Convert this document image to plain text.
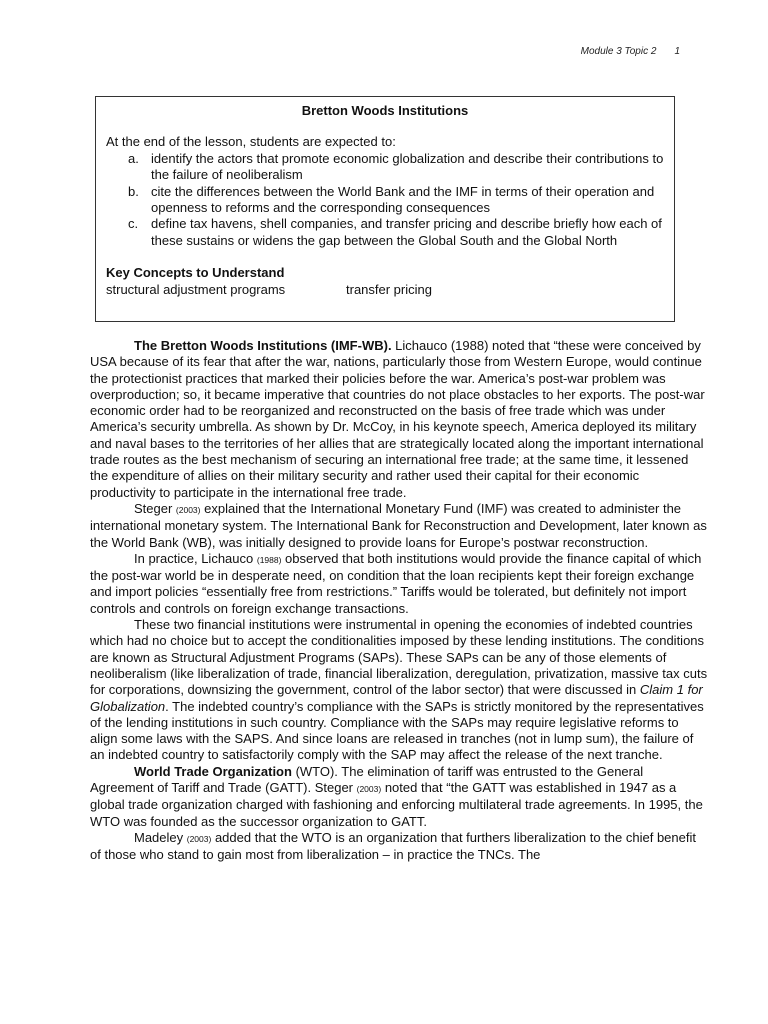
Module 3 Topic 2 1
Bretton Woods Institutions
At the end of the lesson, students are expected to:
a. identify the actors that promote economic globalization and describe their contributions to the failure of neoliberalism
b. cite the differences between the World Bank and the IMF in terms of their operation and openness to reforms and the corresponding consequences
c. define tax havens, shell companies, and transfer pricing and describe briefly how each of these sustains or widens the gap between the Global South and the Global North
Key Concepts to Understand
structural adjustment programs	transfer pricing

The Bretton Woods Institutions (IMF-WB). Lichauco (1988) noted that “these were conceived by USA because of its fear that after the war, nations, particularly those from Western Europe, would continue the protectionist practices that marked their policies before the war. America’s post-war problem was overproduction; so, it became imperative that countries do not place obstacles to her exports. The post-war economic order had to be reorganized and reconstructed on the basis of free trade which was under America’s security umbrella. As shown by Dr. McCoy, in his keynote speech, America deployed its military and naval bases to the territories of her allies that are strategically located along the important international trade routes as the best mechanism of securing an international free trade; at the same time, it lessened the expenditure of allies on their military security and rather used their capital for their economic productivity to participate in the international free trade.

Steger (2003) explained that the International Monetary Fund (IMF) was created to administer the international monetary system. The International Bank for Reconstruction and Development, later known as the World Bank (WB), was initially designed to provide loans for Europe’s postwar reconstruction.

In practice, Lichauco (1988) observed that both institutions would provide the finance capital of which the post-war world be in desperate need, on condition that the loan recipients kept their foreign exchange and import policies “essentially free from restrictions.” Tariffs would be tolerated, but definitely not import controls and controls on foreign exchange transactions.

These two financial institutions were instrumental in opening the economies of indebted countries which had no choice but to accept the conditionalities imposed by these lending institutions. The conditions are known as Structural Adjustment Programs (SAPs). These SAPs can be any of those elements of neoliberalism (like liberalization of trade, financial liberalization, deregulation, privatization, massive tax cuts for corporations, downsizing the government, control of the labor sector) that were discussed in Claim 1 for Globalization. The indebted country’s compliance with the SAPs is strictly monitored by the representatives of the lending institutions in such country. Compliance with the SAPs may require legislative reforms to align some laws with the SAPS. And since loans are released in tranches (not in lump sum), the failure of an indebted country to satisfactorily comply with the SAP may affect the release of the next tranche.

World Trade Organization (WTO). The elimination of tariff was entrusted to the General Agreement of Tariff and Trade (GATT). Steger (2003) noted that “the GATT was established in 1947 as a global trade organization charged with fashioning and enforcing multilateral trade agreements. In 1995, the WTO was founded as the successor organization to GATT.

Madeley (2003) added that the WTO is an organization that furthers liberalization to the chief benefit of those who stand to gain most from liberalization – in practice the TNCs. The
